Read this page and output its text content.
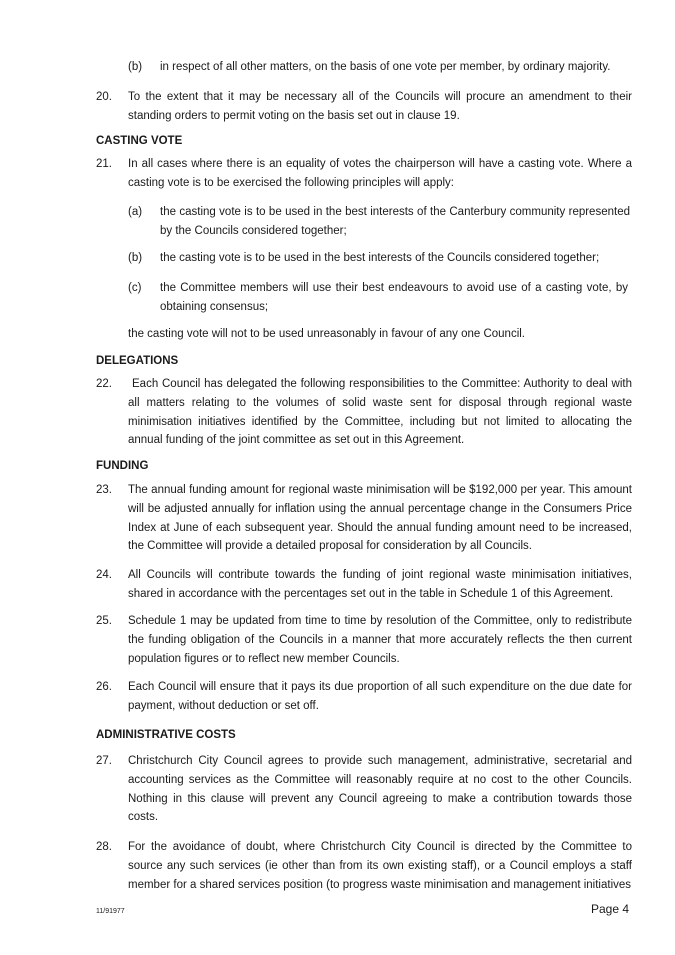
(b) in respect of all other matters, on the basis of one vote per member, by ordinary majority.
20. To the extent that it may be necessary all of the Councils will procure an amendment to their standing orders to permit voting on the basis set out in clause 19.
CASTING VOTE
21. In all cases where there is an equality of votes the chairperson will have a casting vote. Where a casting vote is to be exercised the following principles will apply:
(a) the casting vote is to be used in the best interests of the Canterbury community represented by the Councils considered together;
(b) the casting vote is to be used in the best interests of the Councils considered together;
(c) the Committee members will use their best endeavours to avoid use of a casting vote, by obtaining consensus;
the casting vote will not to be used unreasonably in favour of any one Council.
DELEGATIONS
22.	Each Council has delegated the following responsibilities to the Committee: Authority to deal with all matters relating to the volumes of solid waste sent for disposal through regional waste minimisation initiatives identified by the Committee, including but not limited to allocating the annual funding of the joint committee as set out in this Agreement.
FUNDING
23. The annual funding amount for regional waste minimisation will be $192,000 per year. This amount will be adjusted annually for inflation using the annual percentage change in the Consumers Price Index at June of each subsequent year. Should the annual funding amount need to be increased, the Committee will provide a detailed proposal for consideration by all Councils.
24. All Councils will contribute towards the funding of joint regional waste minimisation initiatives, shared in accordance with the percentages set out in the table in Schedule 1 of this Agreement.
25. Schedule 1 may be updated from time to time by resolution of the Committee, only to redistribute the funding obligation of the Councils in a manner that more accurately reflects the then current population figures or to reflect new member Councils.
26. Each Council will ensure that it pays its due proportion of all such expenditure on the due date for payment, without deduction or set off.
ADMINISTRATIVE COSTS
27. Christchurch City Council agrees to provide such management, administrative, secretarial and accounting services as the Committee will reasonably require at no cost to the other Councils. Nothing in this clause will prevent any Council agreeing to make a contribution towards those costs.
28. For the avoidance of doubt, where Christchurch City Council is directed by the Committee to source any such services (ie other than from its own existing staff), or a Council employs a staff member for a shared services position (to progress waste minimisation and management initiatives
11/91977	Page 4
